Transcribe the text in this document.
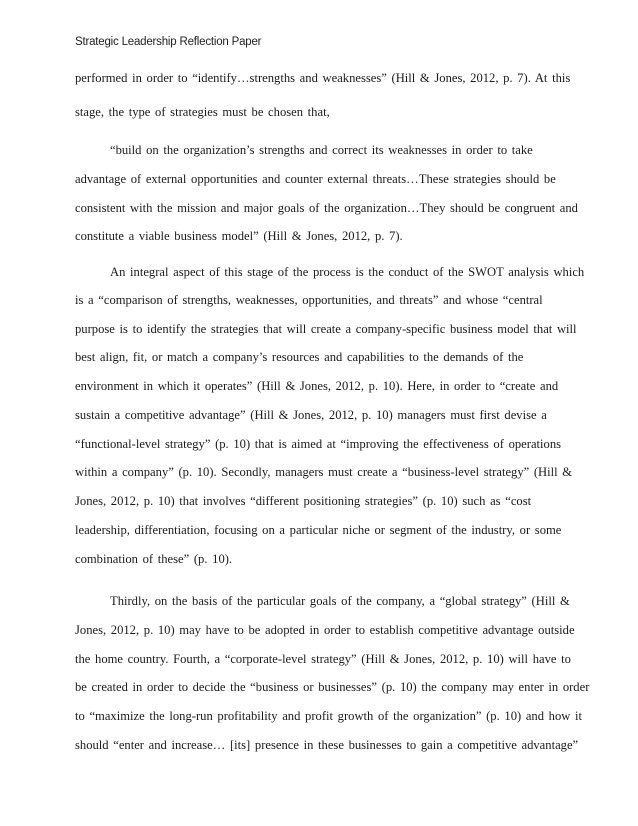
Strategic Leadership Reflection Paper
performed in order to “identify…strengths and weaknesses” (Hill & Jones, 2012, p. 7). At this
stage, the type of strategies must be chosen that,
“build on the organization’s strengths and correct its weaknesses in order to take
advantage of external opportunities and counter external threats…These strategies should be
consistent with the mission and major goals of the organization…They should be congruent and
constitute a viable business model” (Hill & Jones, 2012, p. 7).
An integral aspect of this stage of the process is the conduct of the SWOT analysis which
is a “comparison of strengths, weaknesses, opportunities, and threats” and whose “central
purpose is to identify the strategies that will create a company-specific business model that will
best align, fit, or match a company’s resources and capabilities to the demands of the
environment in which it operates” (Hill & Jones, 2012, p. 10). Here, in order to “create and
sustain a competitive advantage” (Hill & Jones, 2012, p. 10) managers must first devise a
“functional-level strategy” (p. 10) that is aimed at “improving the effectiveness of operations
within a company” (p. 10). Secondly, managers must create a “business-level strategy” (Hill &
Jones, 2012, p. 10) that involves “different positioning strategies” (p. 10) such as “cost
leadership, differentiation, focusing on a particular niche or segment of the industry, or some
combination of these” (p. 10).
Thirdly, on the basis of the particular goals of the company, a “global strategy” (Hill &
Jones, 2012, p. 10) may have to be adopted in order to establish competitive advantage outside
the home country. Fourth, a “corporate-level strategy” (Hill & Jones, 2012, p. 10) will have to
be created in order to decide the “business or businesses” (p. 10) the company may enter in order
to “maximize the long-run profitability and profit growth of the organization” (p. 10) and how it
should “enter and increase… [its] presence in these businesses to gain a competitive advantage”
